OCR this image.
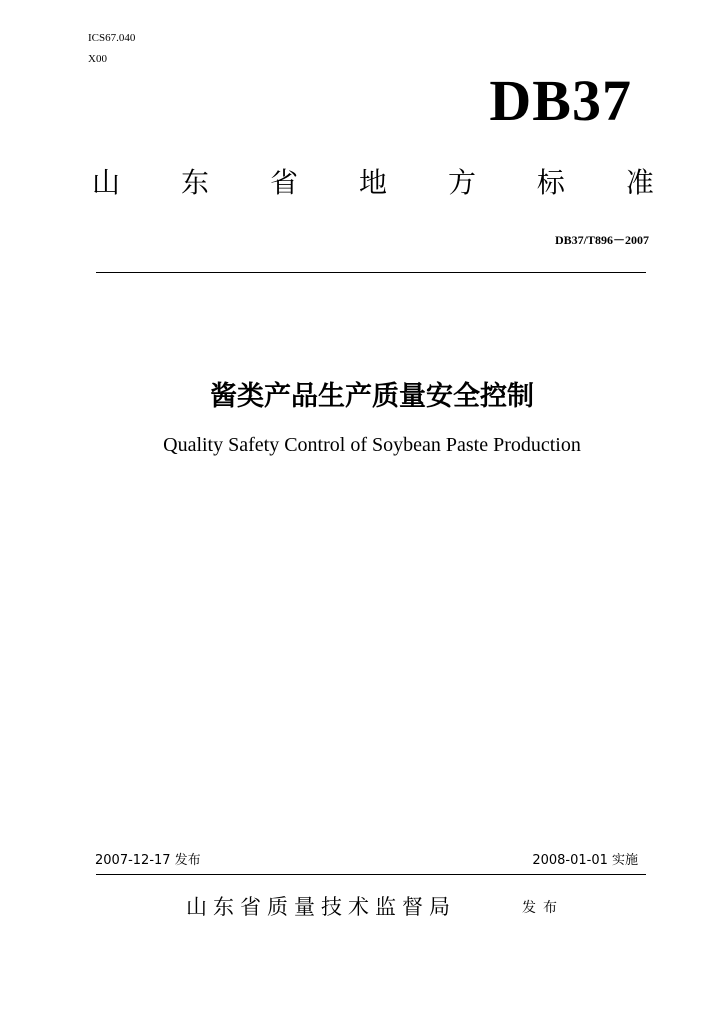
ICS67.040
X00
DB37
山 东 省 地 方 标 准
DB37/T896－2007
酱类产品生产质量安全控制
Quality Safety Control of Soybean Paste Production
2007-12-17 发布	2008-01-01 实施
山东省质量技术监督局	发布
